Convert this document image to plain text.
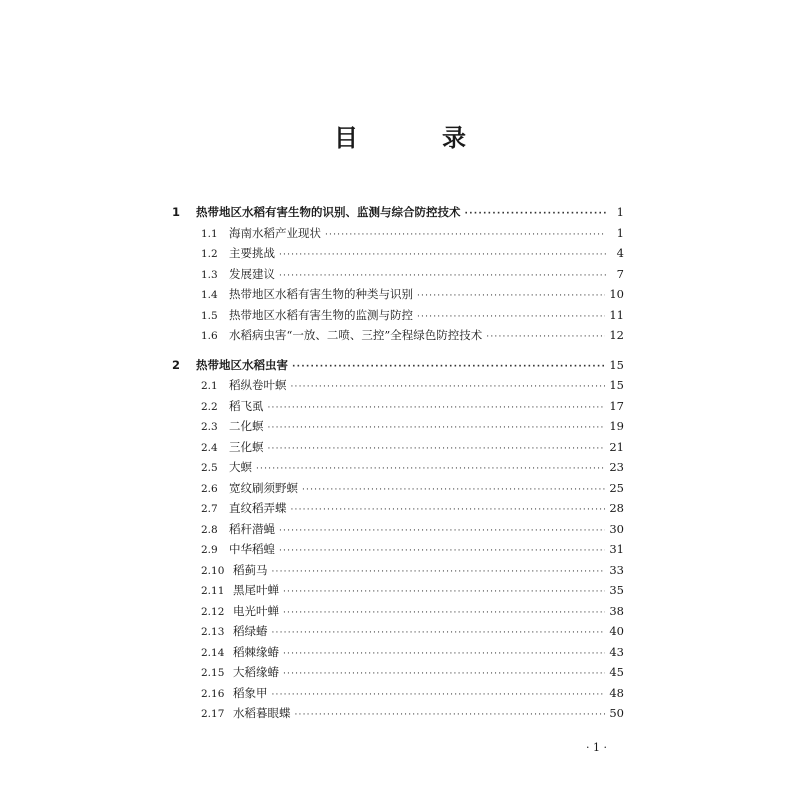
目　录
1	热带地区水稻有害生物的识别、监测与综合防控技术 ·····	1
1.1 海南水稻产业现状 ·····	1
1.2 主要挑战 ·····	4
1.3 发展建议 ·····	7
1.4 热带地区水稻有害生物的种类与识别 ·····	10
1.5 热带地区水稻有害生物的监测与防控 ·····	11
1.6 水稻病虫害“一放、二喷、三控”全程绿色防控技术 ·····	12
2	热带地区水稻虫害 ·····	15
2.1 稻纵卷叶螟 ·····	15
2.2 稻飞虱 ·····	17
2.3 二化螟 ·····	19
2.4 三化螟 ·····	21
2.5 大螟 ·····	23
2.6 宽纹刷须野螟 ·····	25
2.7 直纹稻弄蝶 ·····	28
2.8 稻秆潜蝇 ·····	30
2.9 中华稻蝗 ·····	31
2.10 稻蓟马 ·····	33
2.11 黑尾叶蝉 ·····	35
2.12 电光叶蝉 ·····	38
2.13 稻绿蝽 ·····	40
2.14 稻棘缘蝽 ·····	43
2.15 大稻缘蝽 ·····	45
2.16 稻象甲 ·····	48
2.17 水稻暮眼蝶 ·····	50
· 1 ·
